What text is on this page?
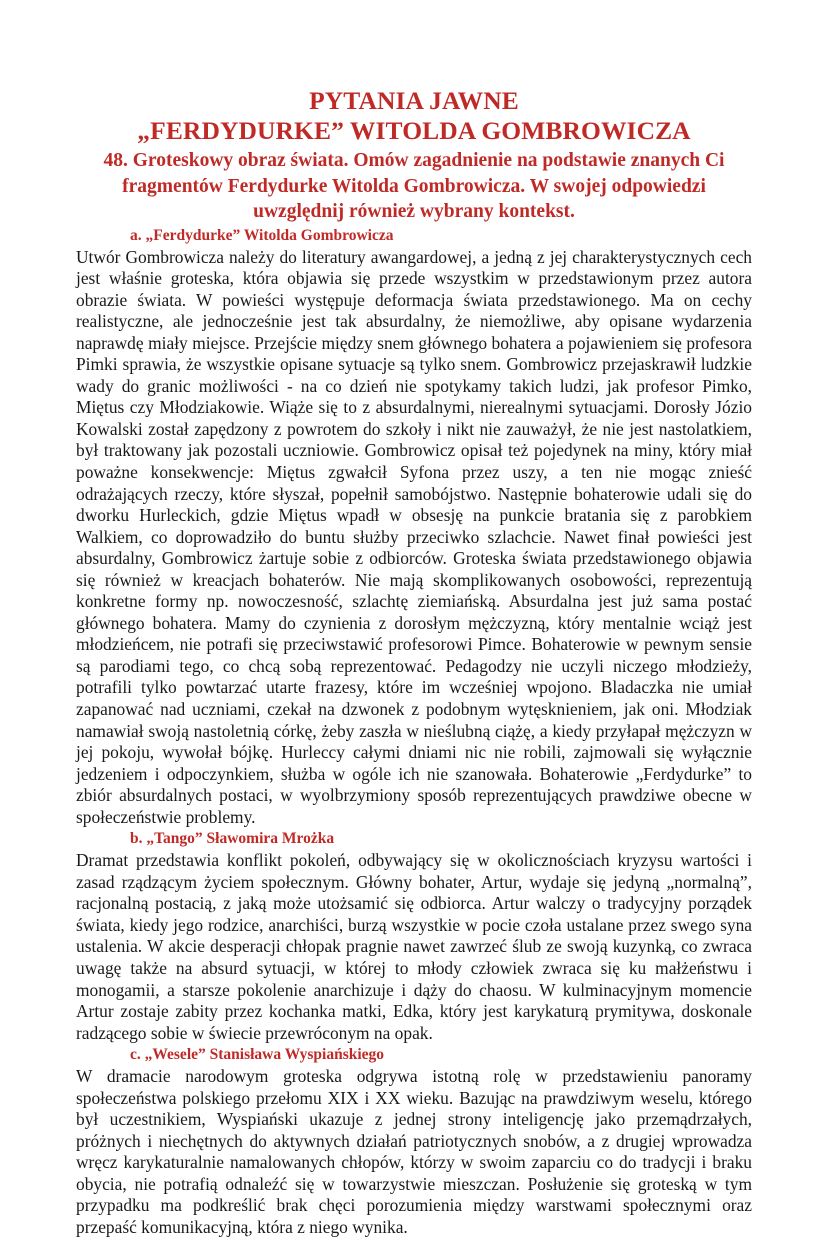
PYTANIA JAWNE
„FERDYDURKE” WITOLDA GOMBROWICZA

48. Groteskowy obraz świata. Omów zagadnienie na podstawie znanych Ci fragmentów Ferdydurke Witolda Gombrowicza. W swojej odpowiedzi uwzględnij również wybrany kontekst.

a. „Ferdydurke” Witolda Gombrowicza

Utwór Gombrowicza należy do literatury awangardowej, a jedną z jej charakterystycznych cech jest właśnie groteska, która objawia się przede wszystkim w przedstawionym przez autora obrazie świata. W powieści występuje deformacja świata przedstawionego. Ma on cechy realistyczne, ale jednocześnie jest tak absurdalny, że niemożliwe, aby opisane wydarzenia naprawdę miały miejsce. Przejście między snem głównego bohatera a pojawieniem się profesora Pimki sprawia, że wszystkie opisane sytuacje są tylko snem. Gombrowicz przejaskrawił ludzkie wady do granic możliwości - na co dzień nie spotykamy takich ludzi, jak profesor Pimko, Miętus czy Młodziakowie. Wiąże się to z absurdalnymi, nierealnymi sytuacjami. Dorosły Józio Kowalski został zapędzony z powrotem do szkoły i nikt nie zauważył, że nie jest nastolatkiem, był traktowany jak pozostali uczniowie. Gombrowicz opisał też pojedynek na miny, który miał poważne konsekwencje: Miętus zgwałcił Syfona przez uszy, a ten nie mogąc znieść odrażających rzeczy, które słyszał, popełnił samobójstwo. Następnie bohaterowie udali się do dworku Hurleckich, gdzie Miętus wpadł w obsesję na punkcie bratania się z parobkiem Walkiem, co doprowadziło do buntu służby przeciwko szlachcie. Nawet finał powieści jest absurdalny, Gombrowicz żartuje sobie z odbiorców. Groteska świata przedstawionego objawia się również w kreacjach bohaterów. Nie mają skomplikowanych osobowości, reprezentują konkretne formy np. nowoczesność, szlachtę ziemiańską. Absurdalna jest już sama postać głównego bohatera. Mamy do czynienia z dorosłym mężczyzną, który mentalnie wciąż jest młodzieńcem, nie potrafi się przeciwstawić profesorowi Pimce. Bohaterowie w pewnym sensie są parodiami tego, co chcą sobą reprezentować. Pedagodzy nie uczyli niczego młodzieży, potrafili tylko powtarzać utarte frazesy, które im wcześniej wpojono. Bladaczka nie umiał zapanować nad uczniami, czekał na dzwonek z podobnym wytęsknieniem, jak oni. Młodziak namawiał swoją nastoletnią córkę, żeby zaszła w nieślubną ciążę, a kiedy przyłapał mężczyzn w jej pokoju, wywołał bójkę. Hurleccy całymi dniami nic nie robili, zajmowali się wyłącznie jedzeniem i odpoczynkiem, służba w ogóle ich nie szanowała. Bohaterowie „Ferdydurke” to zbiór absurdalnych postaci, w wyolbrzymiony sposób reprezentujących prawdziwe obecne w społeczeństwie problemy.

b. „Tango” Sławomira Mrożka

Dramat przedstawia konflikt pokoleń, odbywający się w okolicznościach kryzysu wartości i zasad rządzącym życiem społecznym. Główny bohater, Artur, wydaje się jedyną „normalną”, racjonalną postacią, z jaką może utożsamić się odbiorca. Artur walczy o tradycyjny porządek świata, kiedy jego rodzice, anarchiści, burzą wszystkie w pocie czoła ustalane przez swego syna ustalenia. W akcie desperacji chłopak pragnie nawet zawrzeć ślub ze swoją kuzynką, co zwraca uwagę także na absurd sytuacji, w której to młody człowiek zwraca się ku małżeństwu i monogamii, a starsze pokolenie anarchizuje i dąży do chaosu. W kulminacyjnym momencie Artur zostaje zabity przez kochanka matki, Edka, który jest karykaturą prymitywa, doskonale radzącego sobie w świecie przewróconym na opak.

c. „Wesele” Stanisława Wyspiańskiego

W dramacie narodowym groteska odgrywa istotną rolę w przedstawieniu panoramy społeczeństwa polskiego przełomu XIX i XX wieku. Bazując na prawdziwym weselu, którego był uczestnikiem, Wyspiański ukazuje z jednej strony inteligencję jako przemądrzałych, próżnych i niechętnych do aktywnych działań patriotycznych snobów, a z drugiej wprowadza wręcz karykaturalnie namalowanych chłopów, którzy w swoim zaparciu co do tradycji i braku obycia, nie potrafią odnaleźć się w towarzystwie mieszczan. Posłużenie się groteską w tym przypadku ma podkreślić brak chęci porozumienia między warstwami społecznymi oraz przepaść komunikacyjną, która z niego wynika.
